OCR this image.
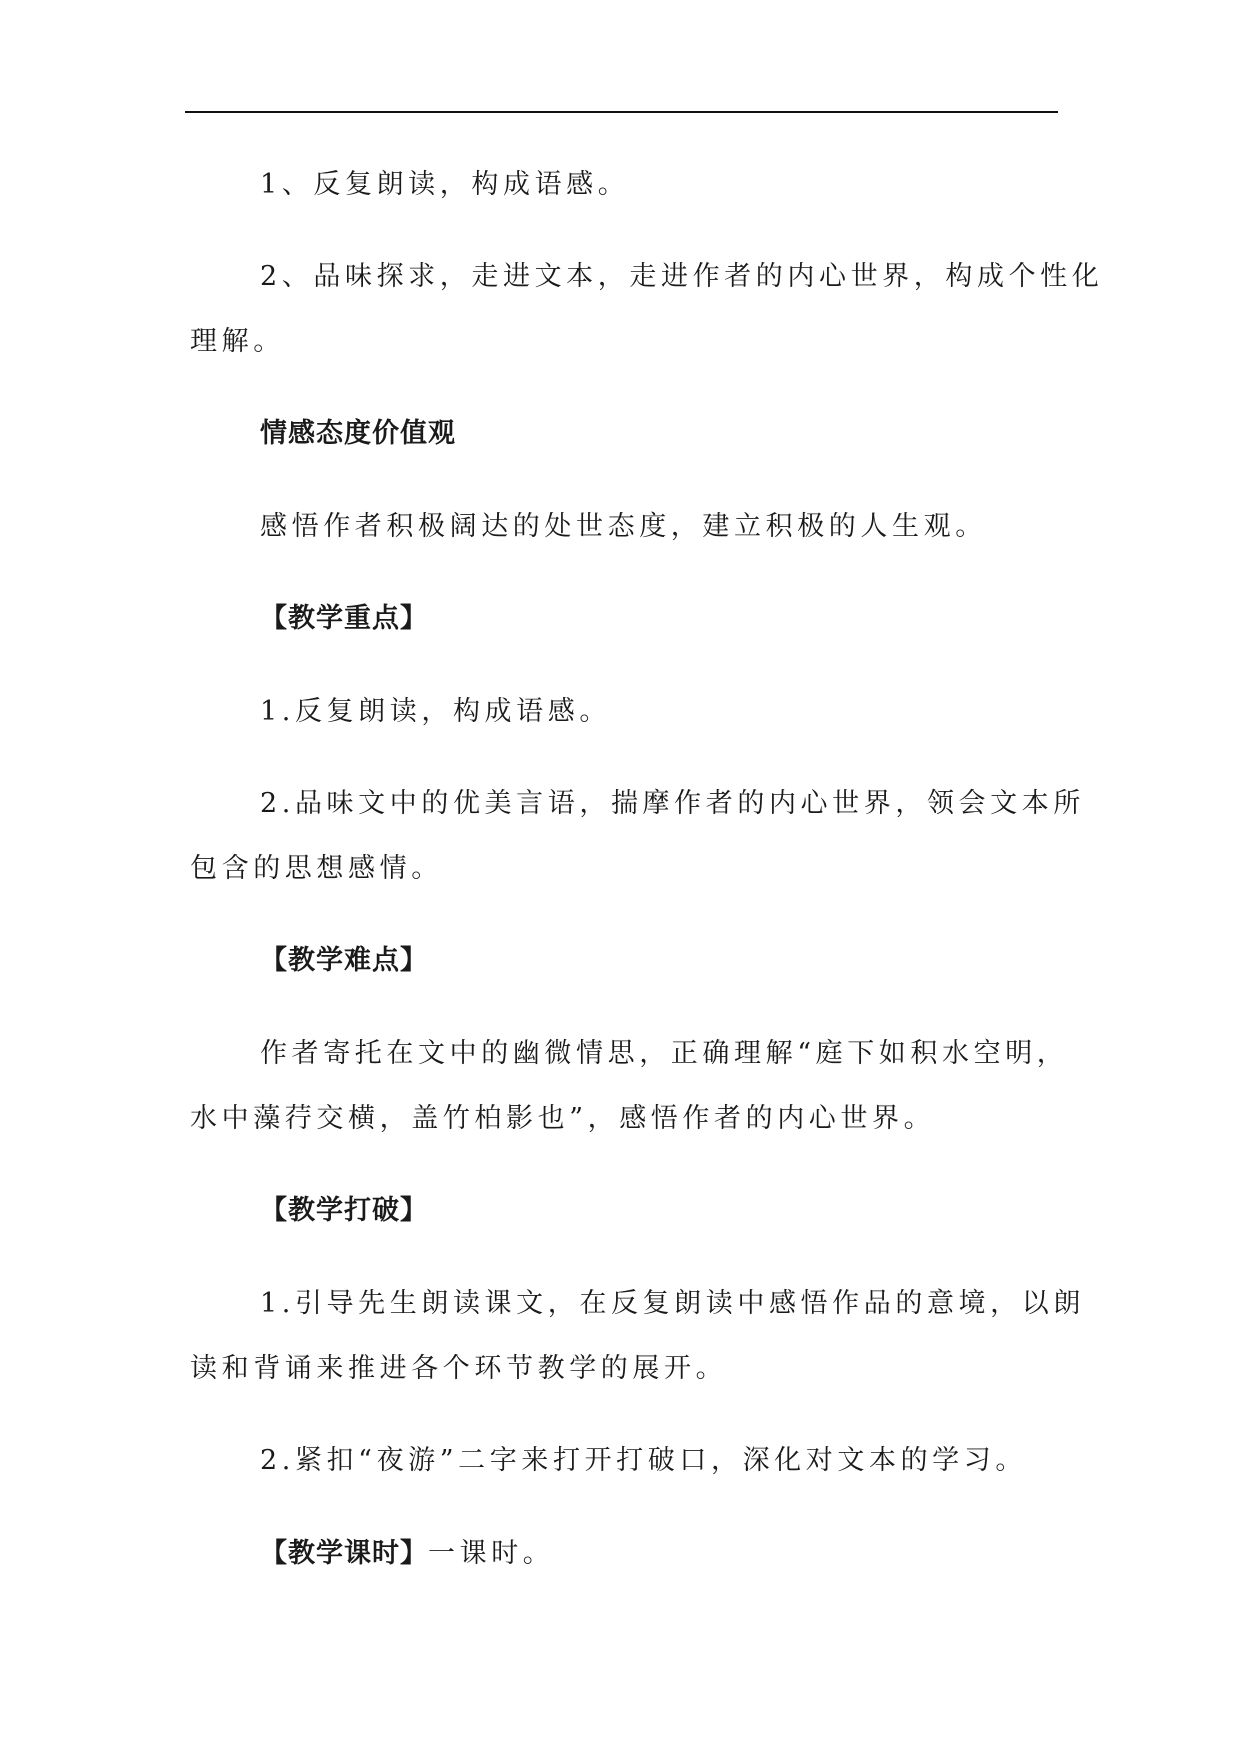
1、反复朗读，构成语感。
2、品味探求，走进文本，走进作者的内心世界，构成个性化
理解。
情感态度价值观
感悟作者积极阔达的处世态度，建立积极的人生观。
【教学重点】
1.反复朗读，构成语感。
2.品味文中的优美言语，揣摩作者的内心世界，领会文本所
包含的思想感情。
【教学难点】
作者寄托在文中的幽微情思，正确理解“庭下如积水空明，
水中藻荇交横，盖竹柏影也”，感悟作者的内心世界。
【教学打破】
1.引导先生朗读课文，在反复朗读中感悟作品的意境，以朗
读和背诵来推进各个环节教学的展开。
2.紧扣“夜游”二字来打开打破口，深化对文本的学习。
【教学课时】一课时。
